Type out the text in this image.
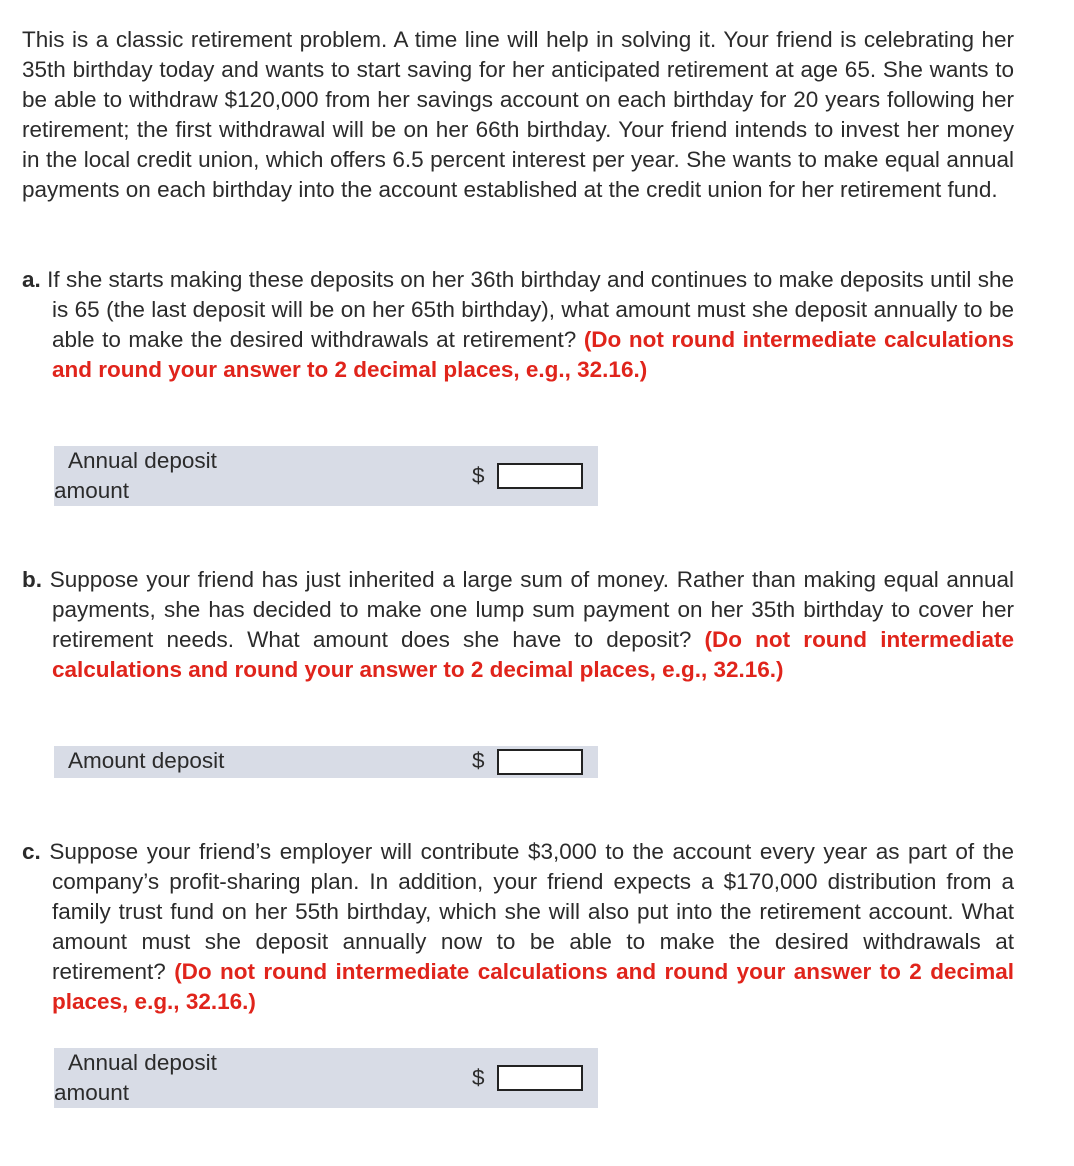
This is a classic retirement problem. A time line will help in solving it. Your friend is celebrating her 35th birthday today and wants to start saving for her anticipated retirement at age 65. She wants to be able to withdraw $120,000 from her savings account on each birthday for 20 years following her retirement; the first withdrawal will be on her 66th birthday. Your friend intends to invest her money in the local credit union, which offers 6.5 percent interest per year. She wants to make equal annual payments on each birthday into the account established at the credit union for her retirement fund.

a. If she starts making these deposits on her 36th birthday and continues to make deposits until she is 65 (the last deposit will be on her 65th birthday), what amount must she deposit annually to be able to make the desired withdrawals at retirement? (Do not round intermediate calculations and round your answer to 2 decimal places, e.g., 32.16.)

Annual deposit
amount
$

b. Suppose your friend has just inherited a large sum of money. Rather than making equal annual payments, she has decided to make one lump sum payment on her 35th birthday to cover her retirement needs. What amount does she have to deposit? (Do not round intermediate calculations and round your answer to 2 decimal places, e.g., 32.16.)

Amount deposit	$

c. Suppose your friend’s employer will contribute $3,000 to the account every year as part of the company’s profit-sharing plan. In addition, your friend expects a $170,000 distribution from a family trust fund on her 55th birthday, which she will also put into the retirement account. What amount must she deposit annually now to be able to make the desired withdrawals at retirement? (Do not round intermediate calculations and round your answer to 2 decimal places, e.g., 32.16.)

Annual deposit
amount
$
